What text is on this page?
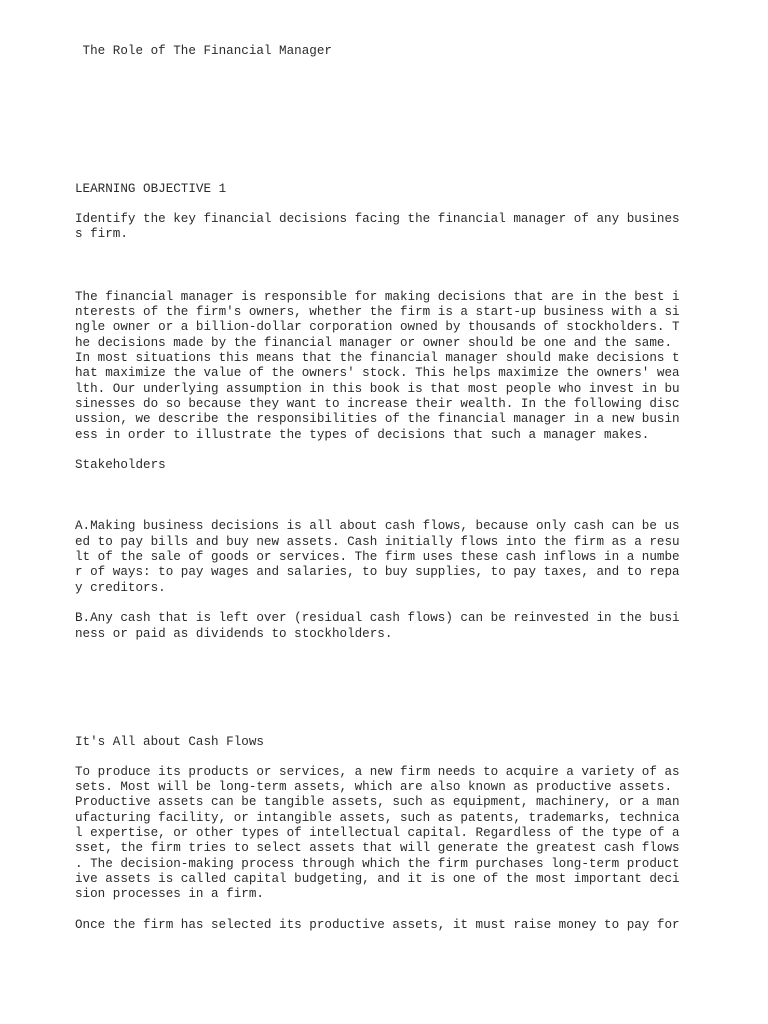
The Role of The Financial Manager
LEARNING OBJECTIVE 1
Identify the key financial decisions facing the financial manager of any busines
s firm.
The financial manager is responsible for making decisions that are in the best i
nterests of the firm's owners, whether the firm is a start-up business with a si
ngle owner or a billion-dollar corporation owned by thousands of stockholders. T
he decisions made by the financial manager or owner should be one and the same.
In most situations this means that the financial manager should make decisions t
hat maximize the value of the owners' stock. This helps maximize the owners' wea
lth. Our underlying assumption in this book is that most people who invest in bu
sinesses do so because they want to increase their wealth. In the following disc
ussion, we describe the responsibilities of the financial manager in a new busin
ess in order to illustrate the types of decisions that such a manager makes.
Stakeholders
A.Making business decisions is all about cash flows, because only cash can be us
ed to pay bills and buy new assets. Cash initially flows into the firm as a resu
lt of the sale of goods or services. The firm uses these cash inflows in a numbe
r of ways: to pay wages and salaries, to buy supplies, to pay taxes, and to repa
y creditors.
B.Any cash that is left over (residual cash flows) can be reinvested in the busi
ness or paid as dividends to stockholders.
It's All about Cash Flows
To produce its products or services, a new firm needs to acquire a variety of as
sets. Most will be long-term assets, which are also known as productive assets.
Productive assets can be tangible assets, such as equipment, machinery, or a man
ufacturing facility, or intangible assets, such as patents, trademarks, technica
l expertise, or other types of intellectual capital. Regardless of the type of a
sset, the firm tries to select assets that will generate the greatest cash flows
. The decision-making process through which the firm purchases long-term product
ive assets is called capital budgeting, and it is one of the most important deci
sion processes in a firm.
Once the firm has selected its productive assets, it must raise money to pay for
